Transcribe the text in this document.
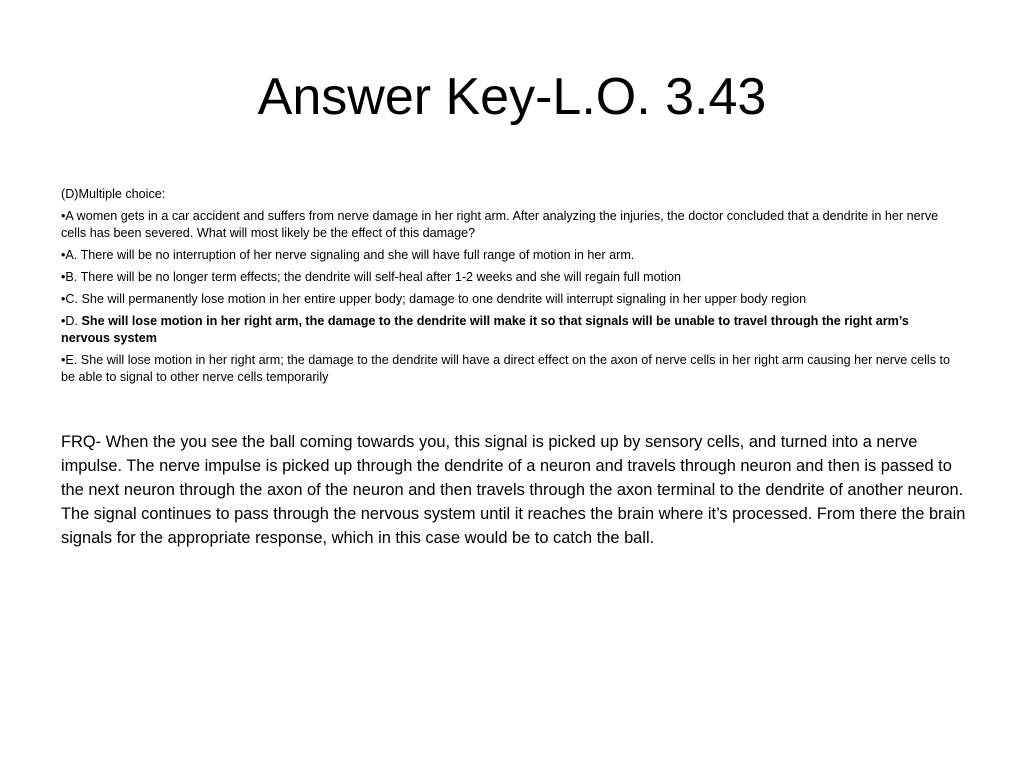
Answer Key-L.O. 3.43

(D)Multiple choice:

•A women gets in a car accident and suffers from nerve damage in her right arm. After analyzing the injuries, the doctor concluded that a dendrite in her nerve cells has been severed. What will most likely be the effect of this damage?

•A. There will be no interruption of her nerve signaling and she will have full range of motion in her arm.

•B. There will be no longer term effects; the dendrite will self-heal after 1-2 weeks and she will regain full motion

•C. She will permanently lose motion in her entire upper body; damage to one dendrite will interrupt signaling in her upper body region

•D. She will lose motion in her right arm, the damage to the dendrite will make it so that signals will be unable to travel through the right arm’s nervous system

•E. She will lose motion in her right arm; the damage to the dendrite will have a direct effect on the axon of nerve cells in her right arm causing her nerve cells to be able to signal to other nerve cells temporarily

FRQ- When the you see the ball coming towards you, this signal is picked up by sensory cells, and turned into a nerve impulse. The nerve impulse is picked up through the dendrite of a neuron and travels through neuron and then is passed to the next neuron through the axon of the neuron and then travels through the axon terminal to the dendrite of another neuron. The signal continues to pass through the nervous system until it reaches the brain where it’s processed. From there the brain signals for the appropriate response, which in this case would be to catch the ball.
